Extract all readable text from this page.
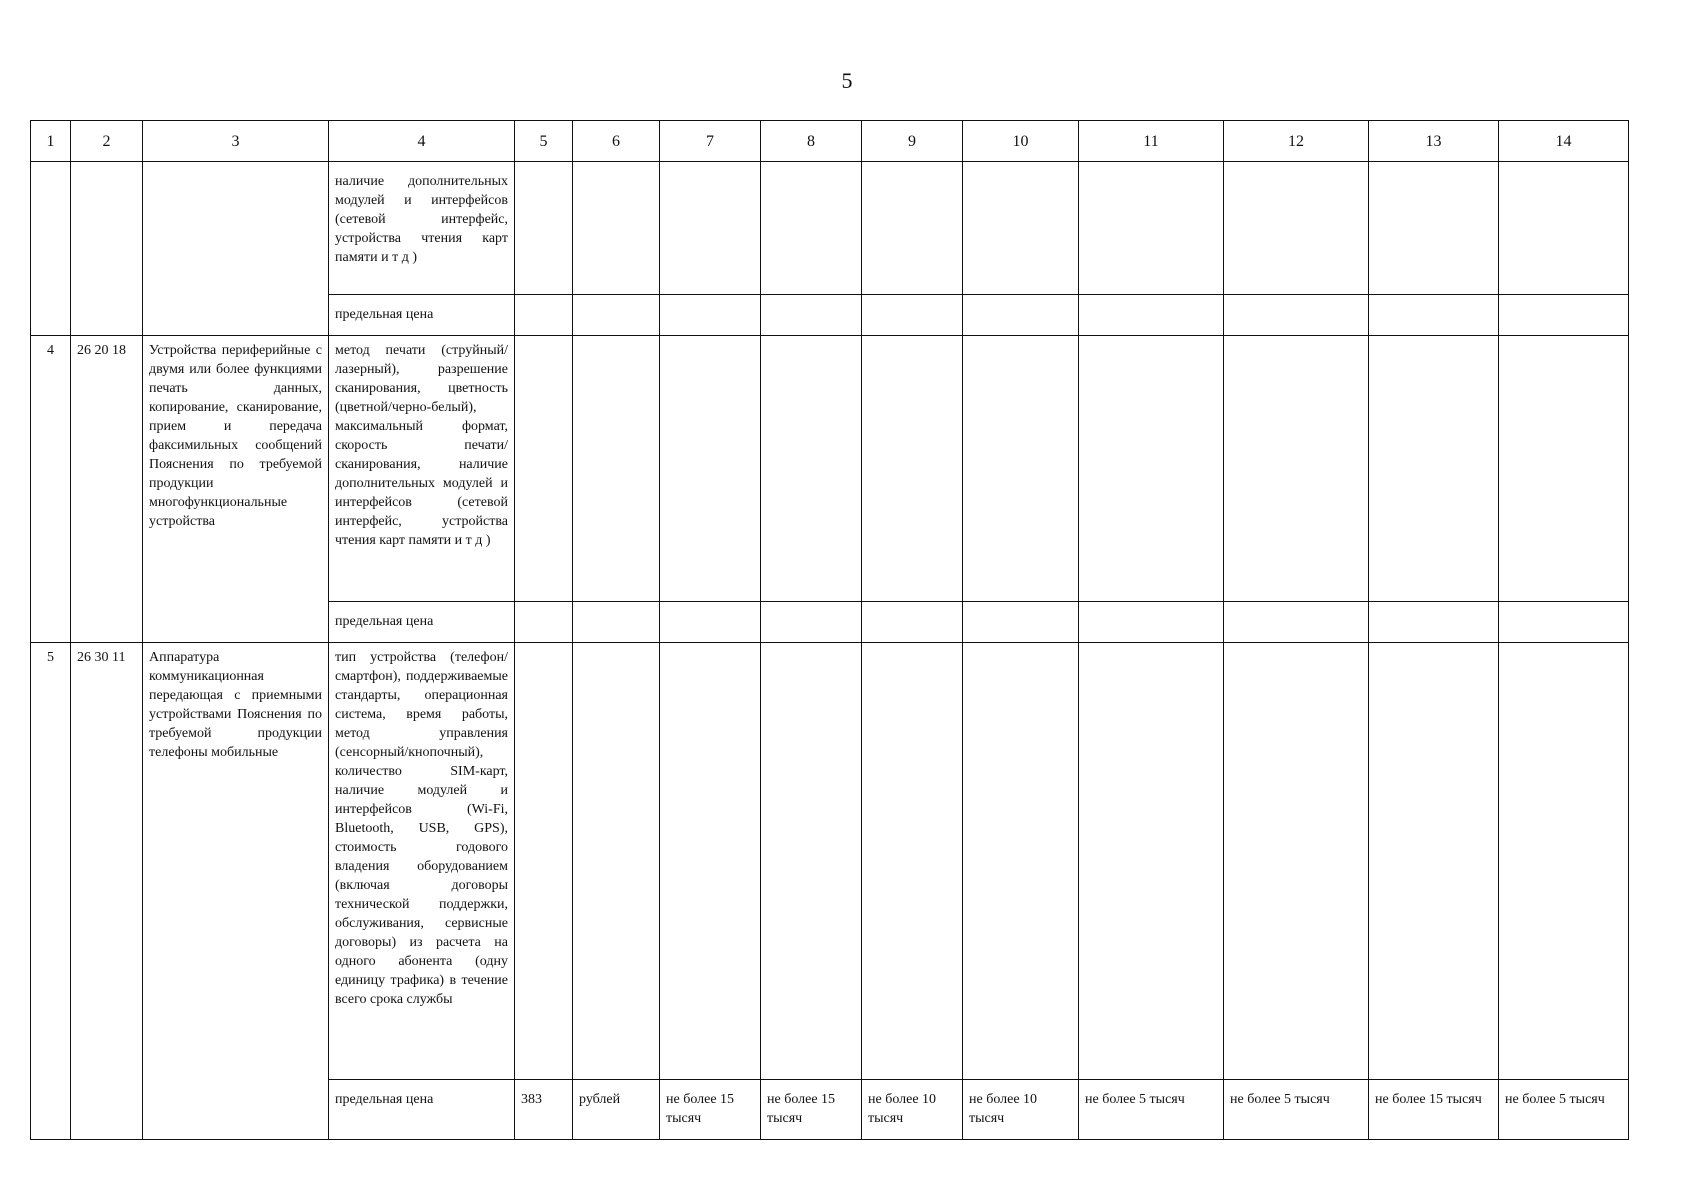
5
1	2	3	4	5	6	7	8	9	10	11	12	13	14
			наличие дополнительных модулей и интерфейсов (сетевой интерфейс, устройства чтения карт памяти и т д )										
			предельная цена										
4	26 20 18	Устройства периферийные с двумя или более функциями печать данных, копирование, сканирование, прием и передача факсимильных сообщений Пояснения по требуемой продукции многофункциональные устройства	метод печати (струйный/ лазерный), разрешение сканирования, цветность (цветной/черно-белый), максимальный формат, скорость печати/сканирования, наличие дополнительных модулей и интерфейсов (сетевой интерфейс, устройства чтения карт памяти и т д )										
			предельная цена										
5	26 30 11	Аппаратура коммуникационная передающая с приемными устройствами Пояснения по требуемой продукции телефоны мобильные	тип устройства (телефон/смартфон), поддерживаемые стандарты, операционная система, время работы, метод управления (сенсорный/кнопочный), количество SIM-карт, наличие модулей и интерфейсов (Wi-Fi, Bluetooth, USB, GPS), стоимость годового владения оборудованием (включая договоры технической поддержки, обслуживания, сервисные договоры) из расчета на одного абонента (одну единицу трафика) в течение всего срока службы										
			предельная цена	383	рублей	не более 15 тысяч	не более 15 тысяч	не более 10 тысяч	не более 10 тысяч	не более 5 тысяч	не более 5 тысяч	не более 15 тысяч	не более 5 тысяч
